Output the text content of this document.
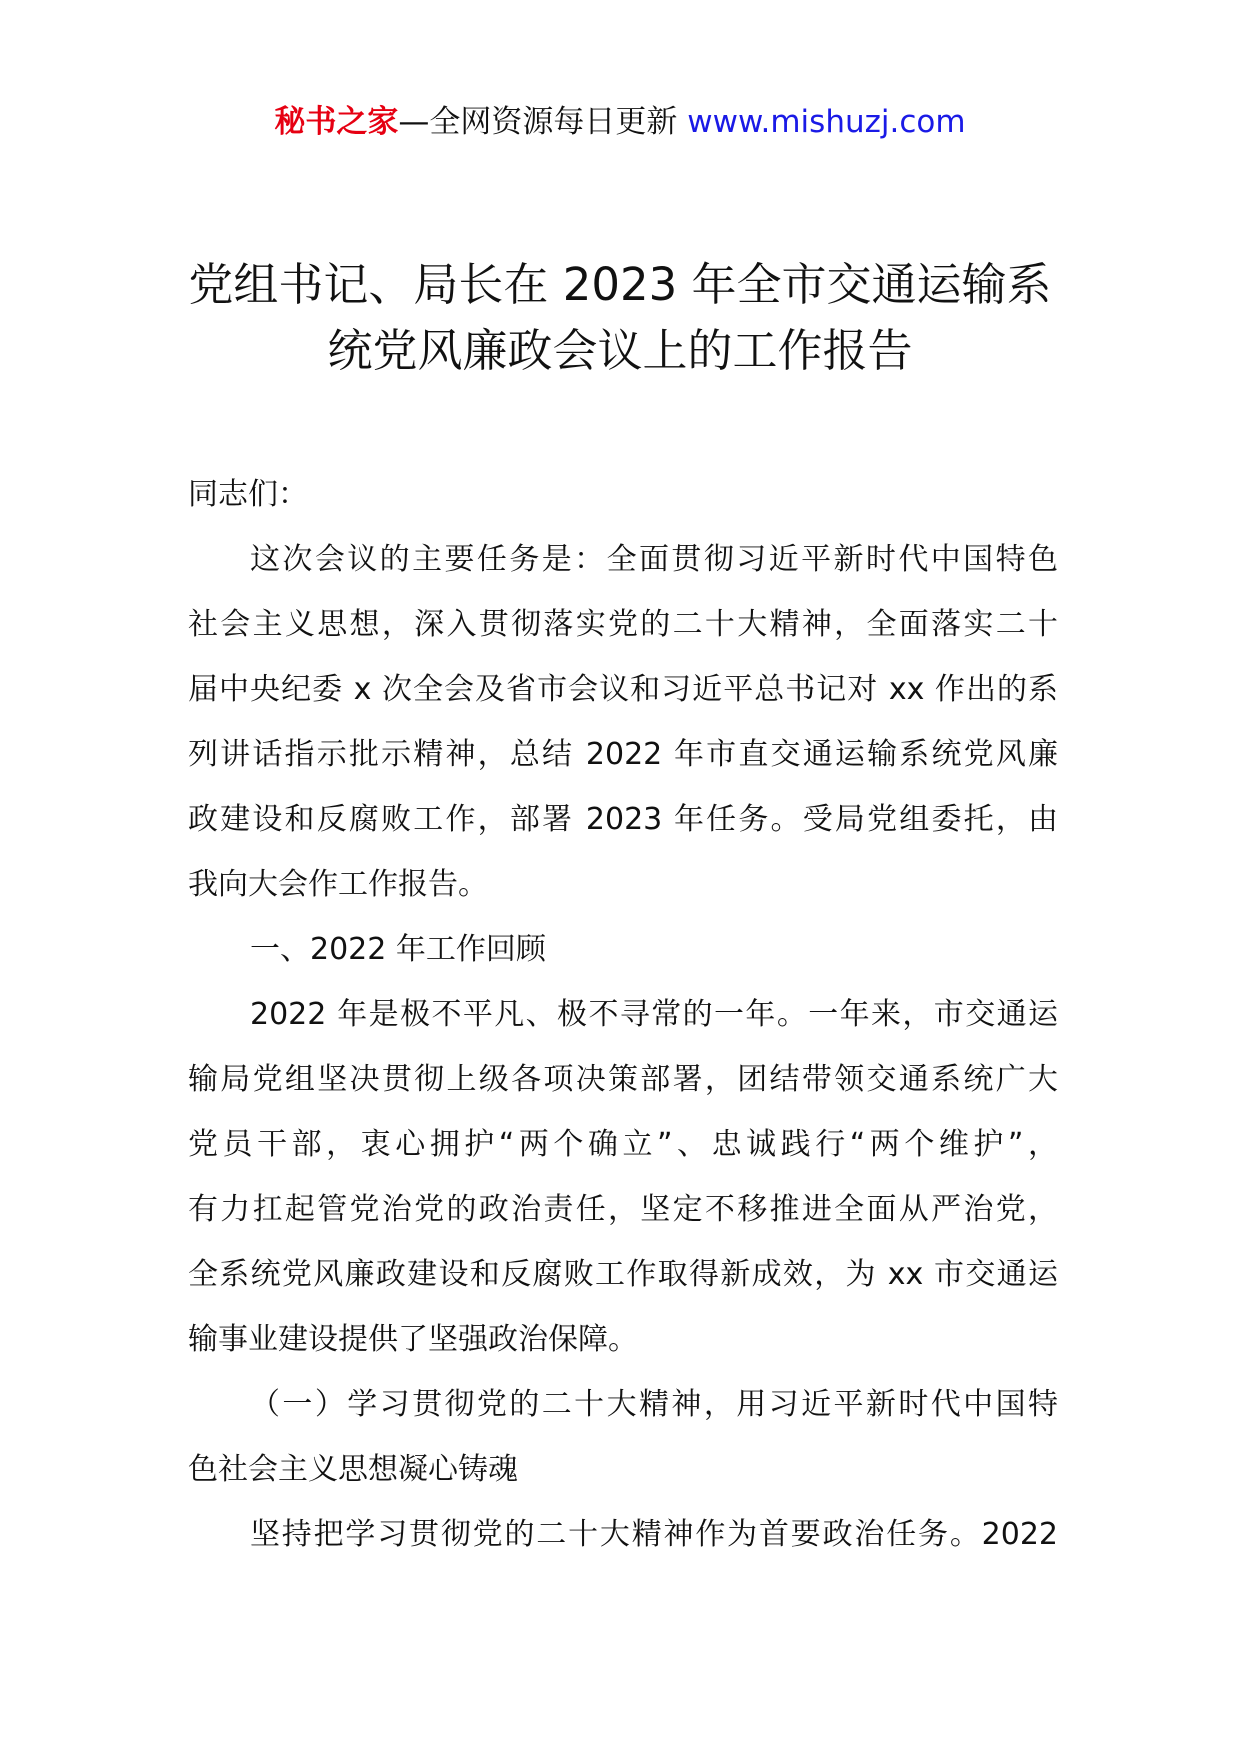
秘书之家—全网资源每日更新 www.mishuzj.com
党组书记、局长在 2023 年全市交通运输系
统党风廉政会议上的工作报告
同志们：
这次会议的主要任务是：全面贯彻习近平新时代中国特色
社会主义思想，深入贯彻落实党的二十大精神，全面落实二十
届中央纪委 x 次全会及省市会议和习近平总书记对 xx 作出的系
列讲话指示批示精神，总结 2022 年市直交通运输系统党风廉
政建设和反腐败工作，部署 2023 年任务。受局党组委托，由
我向大会作工作报告。
一、2022 年工作回顾
2022 年是极不平凡、极不寻常的一年。一年来，市交通运
输局党组坚决贯彻上级各项决策部署，团结带领交通系统广大
党员干部，衷心拥护“两个确立”、忠诚践行“两个维护”，
有力扛起管党治党的政治责任，坚定不移推进全面从严治党，
全系统党风廉政建设和反腐败工作取得新成效，为 xx 市交通运
输事业建设提供了坚强政治保障。
（一）学习贯彻党的二十大精神，用习近平新时代中国特
色社会主义思想凝心铸魂
坚持把学习贯彻党的二十大精神作为首要政治任务。2022
